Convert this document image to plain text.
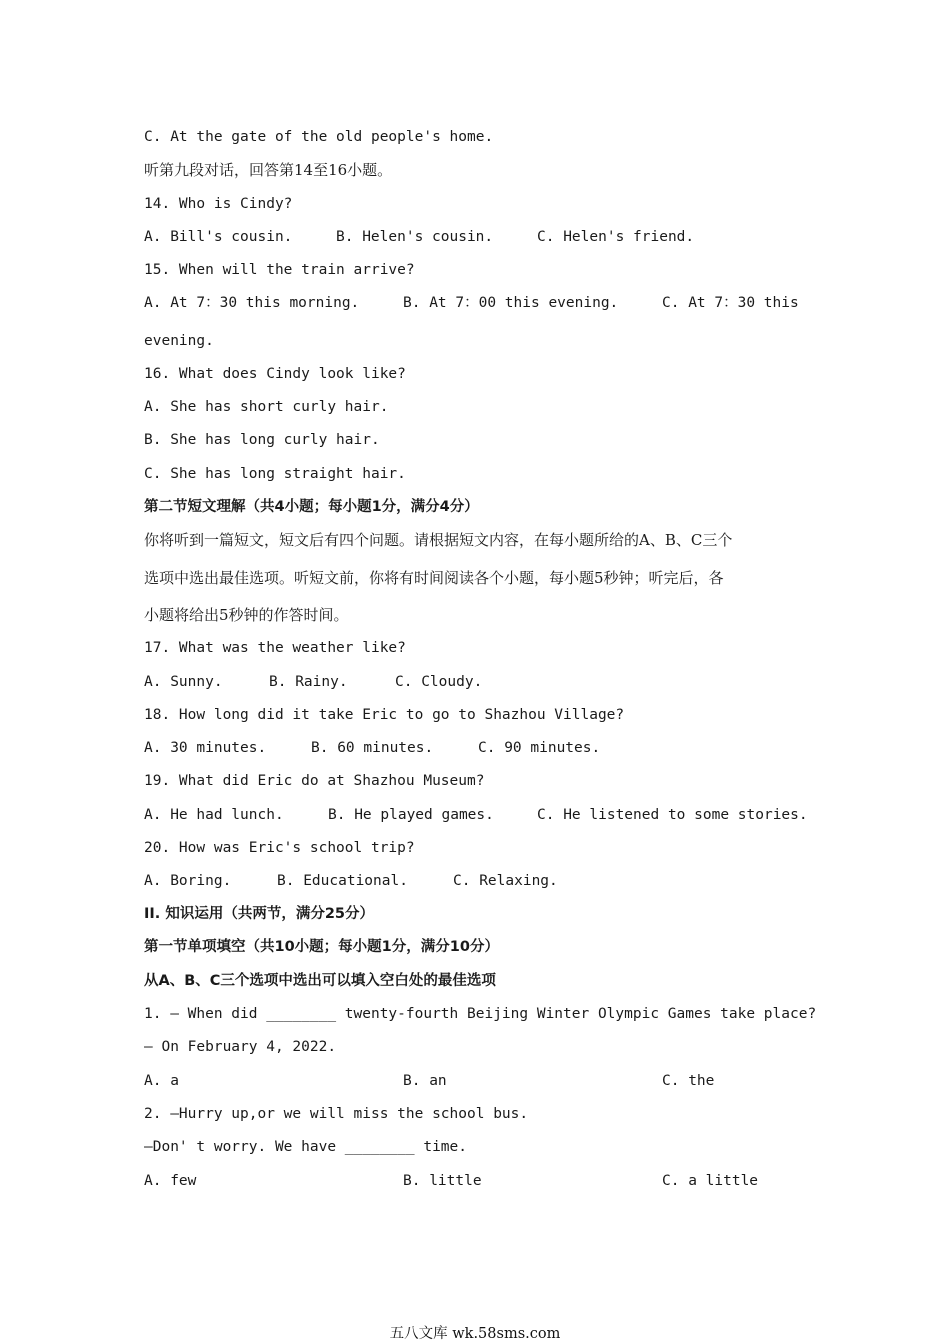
C. At the gate of the old people's home.
听第九段对话，回答第14至16小题。
14. Who is Cindy?
A. Bill's cousin.	B. Helen's cousin.	C. Helen's friend.
15. When will the train arrive?
A. At 7：30 this morning.	B. At 7：00 this evening.	C. At 7：30 this
evening.
16. What does Cindy look like?
A. She has short curly hair.
B. She has long curly hair.
C. She has long straight hair.
第二节短文理解（共4小题；每小题1分，满分4分）
你将听到一篇短文，短文后有四个问题。请根据短文内容，在每小题所给的A、B、C三个
选项中选出最佳选项。听短文前，你将有时间阅读各个小题，每小题5秒钟；听完后，各
小题将给出5秒钟的作答时间。
17. What was the weather like?
A. Sunny.	B. Rainy.	C. Cloudy.
18. How long did it take Eric to go to Shazhou Village?
A. 30 minutes.	B. 60 minutes.	C. 90 minutes.
19. What did Eric do at Shazhou Museum?
A. He had lunch.	B. He played games.	C. He listened to some stories.
20. How was Eric's school trip?
A. Boring.	B. Educational.	C. Relaxing.
II. 知识运用（共两节，满分25分）
第一节单项填空（共10小题；每小题1分，满分10分）
从A、B、C三个选项中选出可以填入空白处的最佳选项
1. — When did ________ twenty-fourth Beijing Winter Olympic Games take place?
— On February 4, 2022.
A. a	B. an	C. the
2. —Hurry up,or we will miss the school bus.
—Don' t worry. We have ________ time.
A. few	B. little	C. a little
五八文库 wk.58sms.com
